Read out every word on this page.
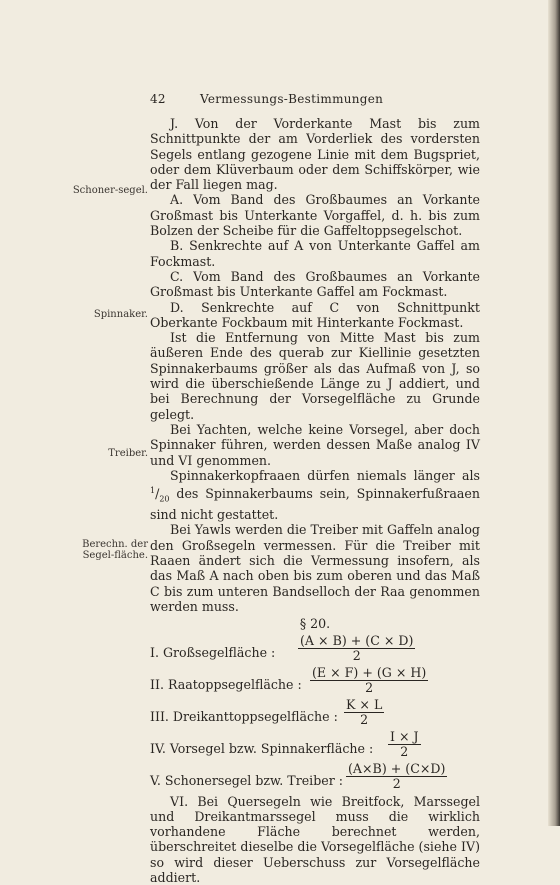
42	Vermessungs-Bestimmungen
Schoner-segel.
Spinnaker.
Treiber.
Berechn. der Segel-fläche.

J. Von der Vorderkante Mast bis zum Schnittpunkte der am Vorderliek des vordersten Segels entlang gezogene Linie mit dem Bugspriet, oder dem Klüverbaum oder dem Schiffskörper, wie der Fall liegen mag.

A. Vom Band des Großbaumes an Vorkante Großmast bis Unterkante Vorgaffel, d. h. bis zum Bolzen der Scheibe für die Gaffeltoppsegelschot.

B. Senkrechte auf A von Unterkante Gaffel am Fockmast.

C. Vom Band des Großbaumes an Vorkante Großmast bis Unterkante Gaffel am Fockmast.

D. Senkrechte auf C von Schnittpunkt Oberkante Fockbaum mit Hinterkante Fockmast.

Ist die Entfernung von Mitte Mast bis zum äußeren Ende des querab zur Kiellinie gesetzten Spinnakerbaums größer als das Aufmaß von J, so wird die überschießende Länge zu J addiert, und bei Berechnung der Vorsegelfläche zu Grunde gelegt.

Bei Yachten, welche keine Vorsegel, aber doch Spinnaker führen, werden dessen Maße analog IV und VI genommen.

Spinnakerkopfraaen dürfen niemals länger als $^1/_{20}$ des Spinnakerbaums sein, Spinnakerfußraaen sind nicht gestattet.

Bei Yawls werden die Treiber mit Gaffeln analog den Großsegeln vermessen. Für die Treiber mit Raaen ändert sich die Vermessung insofern, als das Maß A nach oben bis zum oberen und das Maß C bis zum unteren Bandselloch der Raa genommen werden muss.

§ 20.
I. Großsegelfläche : $\frac{(A \times B) + (C \times D)}{2}$
II. Raatoppsegelfläche : $\frac{(E \times F) + (G \times H)}{2}$
III. Dreikanttoppsegelfläche : $\frac{K \times L}{2}$
IV. Vorsegel bzw. Spinnakerfläche : $\frac{I \times J}{2}$
V. Schonersegel bzw. Treiber : $\frac{(A\times B) + (C\times D)}{2}$

VI. Bei Quersegeln wie Breitfock, Marssegel und Dreikantmarssegel muss die wirklich vorhandene Fläche berechnet werden, überschreitet dieselbe die Vorsegelfläche (siehe IV) so wird dieser Ueberschuss zur Vorsegelfläche addiert.
